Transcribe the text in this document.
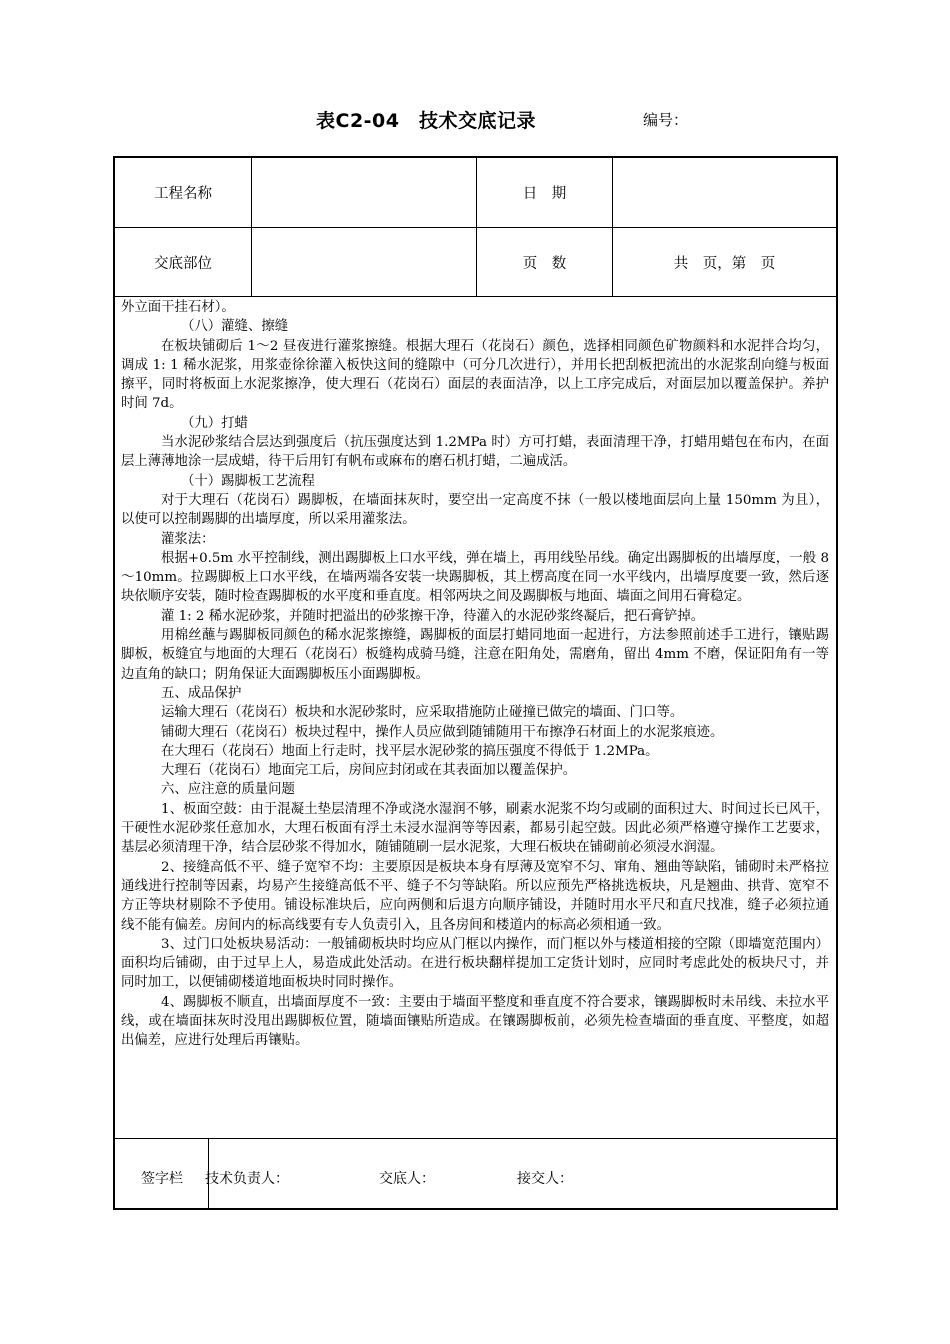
表C2-04　技术交底记录	编号：
工程名称	日　期
交底部位	页　数	共　页，第　页

外立面干挂石材）。

（八）灌缝、擦缝

在板块铺砌后 1～2 昼夜进行灌浆擦缝。根据大理石（花岗石）颜色，选择相同颜色矿物颜料和水泥拌合均匀，调成 1: 1 稀水泥浆，用浆壶徐徐灌入板快这间的缝隙中（可分几次进行），并用长把刮板把流出的水泥浆刮向缝与板面擦平，同时将板面上水泥浆擦净，使大理石（花岗石）面层的表面洁净，以上工序完成后，对面层加以覆盖保护。养护时间 7d。

（九）打蜡

当水泥砂浆结合层达到强度后（抗压强度达到 1.2MPa 时）方可打蜡，表面清理干净，打蜡用蜡包在布内，在面层上薄薄地涂一层成蜡，待干后用钉有帆布或麻布的磨石机打蜡，二遍成活。

（十）踢脚板工艺流程

对于大理石（花岗石）踢脚板，在墙面抹灰时，要空出一定高度不抹（一般以楼地面层向上量 150mm 为且），以使可以控制踢脚的出墙厚度，所以采用灌浆法。

灌浆法：

根据+0.5m 水平控制线，测出踢脚板上口水平线，弹在墙上，再用线坠吊线。确定出踢脚板的出墙厚度，一般 8～10mm。拉踢脚板上口水平线，在墙两端各安装一块踢脚板，其上楞高度在同一水平线内，出墙厚度要一致，然后逐块依顺序安装，随时检查踢脚板的水平度和垂直度。相邻两块之间及踢脚板与地面、墙面之间用石膏稳定。

灌 1: 2 稀水泥砂浆，并随时把溢出的砂浆擦干净，待灌入的水泥砂浆终凝后，把石膏铲掉。

用棉丝蘸与踢脚板同颜色的稀水泥浆擦缝，踢脚板的面层打蜡同地面一起进行，方法参照前述手工进行，镶贴踢脚板，板缝宜与地面的大理石（花岗石）板缝构成骑马缝，注意在阳角处，需磨角，留出 4mm 不磨，保证阳角有一等边直角的缺口；阴角保证大面踢脚板压小面踢脚板。

五、成品保护

运输大理石（花岗石）板块和水泥砂浆时，应采取措施防止碰撞已做完的墙面、门口等。

铺砌大理石（花岗石）板块过程中，操作人员应做到随铺随用干布擦净石材面上的水泥浆痕迹。

在大理石（花岗石）地面上行走时，找平层水泥砂浆的搞压强度不得低于 1.2MPa。

大理石（花岗石）地面完工后，房间应封闭或在其表面加以覆盖保护。

六、应注意的质量问题

1、板面空鼓：由于混凝土垫层清理不净或浇水湿润不够，刷素水泥浆不均匀或刷的面积过大、时间过长已风干，干硬性水泥砂浆任意加水，大理石板面有浮土未浸水湿润等等因素，都易引起空鼓。因此必须严格遵守操作工艺要求，基层必须清理干净，结合层砂浆不得加水，随铺随刷一层水泥浆，大理石板块在铺砌前必须浸水润湿。

2、接缝高低不平、缝子宽窄不均：主要原因是板块本身有厚薄及宽窄不匀、窜角、翘曲等缺陷，铺砌时未严格拉通线进行控制等因素，均易产生接缝高低不平、缝子不匀等缺陷。所以应预先严格挑选板块，凡是翘曲、拱背、宽窄不方正等块材剔除不予使用。铺设标准块后，应向两侧和后退方向顺序铺设，并随时用水平尺和直尺找准，缝子必须拉通线不能有偏差。房间内的标高线要有专人负责引入，且各房间和楼道内的标高必须相通一致。

3、过门口处板块易活动：一般铺砌板块时均应从门框以内操作，而门框以外与楼道相接的空隙（即墙宽范围内）面积均后铺砌，由于过早上人，易造成此处活动。在进行板块翻样提加工定货计划时，应同时考虑此处的板块尺寸，并同时加工，以便铺砌楼道地面板块时同时操作。

4、踢脚板不顺直，出墙面厚度不一致：主要由于墙面平整度和垂直度不符合要求，镶踢脚板时未吊线、未拉水平线，或在墙面抹灰时没甩出踢脚板位置，随墙面镶贴所造成。在镶踢脚板前，必须先检查墙面的垂直度、平整度，如超出偏差，应进行处理后再镶贴。

签字栏 技术负责人：	交底人：	接交人：
